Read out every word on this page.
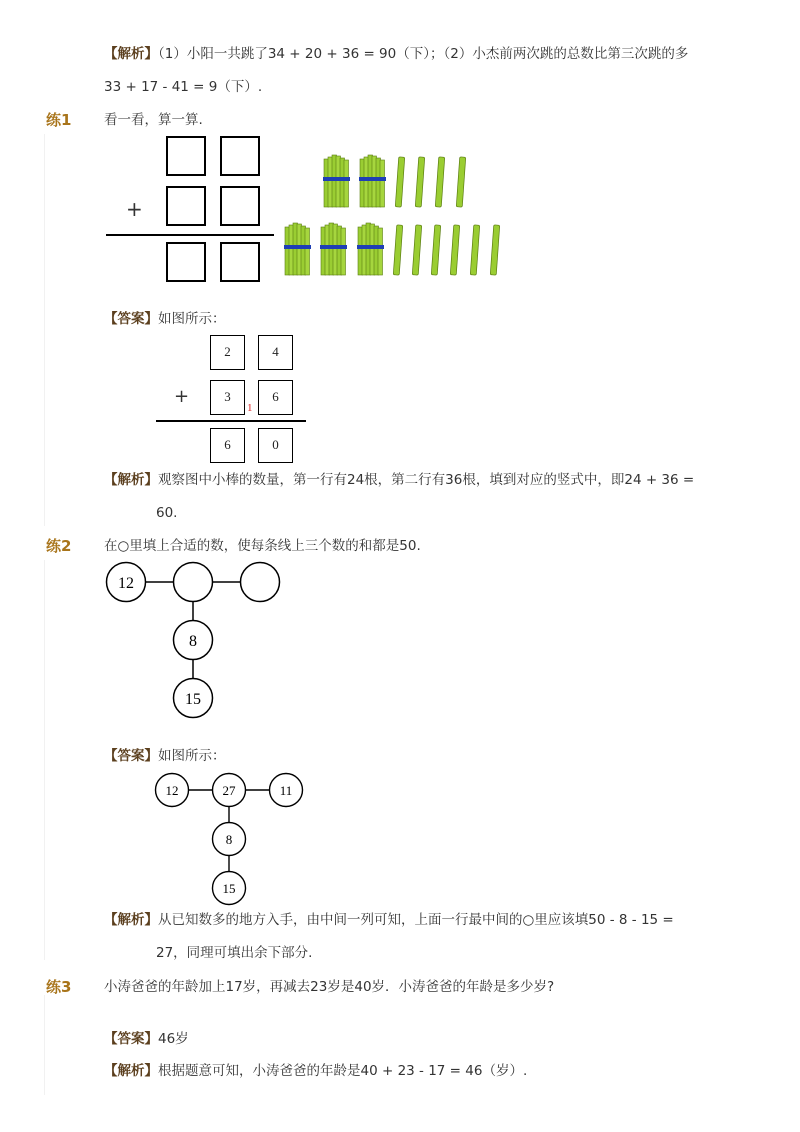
【解析】（1）小阳一共跳了34 + 20 + 36 = 90（下）；（2）小杰前两次跳的总数比第三次跳的多
33 + 17 - 41 = 9（下）.
练1 看一看，算一算.
+
【答案】如图所示：
2	4
3	6
1
+
6	0
【解析】观察图中小棒的数量，第一行有24根，第二行有36根，填到对应的竖式中，即24 + 36 =
60.
练2 在○里填上合适的数，使每条线上三个数的和都是50.
12
8
15
【答案】如图所示：
12	27	11
8
15
【解析】从已知数多的地方入手，由中间一列可知，上面一行最中间的○里应该填50 - 8 - 15 =
27，同理可填出余下部分.
练3 小涛爸爸的年龄加上17岁，再减去23岁是40岁．小涛爸爸的年龄是多少岁?
【答案】46岁
【解析】根据题意可知，小涛爸爸的年龄是40 + 23 - 17 = 46（岁）.
